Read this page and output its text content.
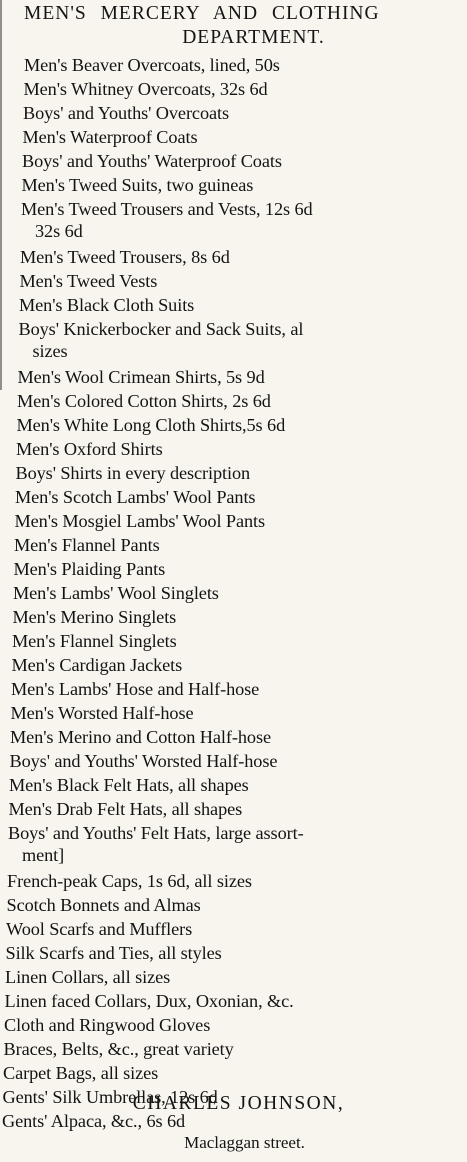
MEN'S MERCERY AND CLOTHING
DEPARTMENT.
Men's Beaver Overcoats, lined, 50s
Men's Whitney Overcoats, 32s 6d
Boys' and Youths' Overcoats
Men's Waterproof Coats
Boys' and Youths' Waterproof Coats
Men's Tweed Suits, two guineas
Men's Tweed Trousers and Vests, 12s 6d
32s 6d
Men's Tweed Trousers, 8s 6d
Men's Tweed Vests
Men's Black Cloth Suits
Boys' Knickerbocker and Sack Suits, al
sizes
Men's Wool Crimean Shirts, 5s 9d
Men's Colored Cotton Shirts, 2s 6d
Men's White Long Cloth Shirts,5s 6d
Men's Oxford Shirts
Boys' Shirts in every description
Men's Scotch Lambs' Wool Pants
Men's Mosgiel Lambs' Wool Pants
Men's Flannel Pants
Men's Plaiding Pants
Men's Lambs' Wool Singlets
Men's Merino Singlets
Men's Flannel Singlets
Men's Cardigan Jackets
Men's Lambs' Hose and Half-hose
Men's Worsted Half-hose
Men's Merino and Cotton Half-hose
Boys' and Youths' Worsted Half-hose
Men's Black Felt Hats, all shapes
Men's Drab Felt Hats, all shapes
Boys' and Youths' Felt Hats, large assort-
ment]
French-peak Caps, 1s 6d, all sizes
Scotch Bonnets and Almas
Wool Scarfs and Mufflers
Silk Scarfs and Ties, all styles
Linen Collars, all sizes
Linen faced Collars, Dux, Oxonian, &c.
Cloth and Ringwood Gloves
Braces, Belts, &c., great variety
Carpet Bags, all sizes
Gents' Silk Umbrellas, 12s 6d
Gents' Alpaca, &c., 6s 6d
CHARLES JOHNSON,
Maclaggan street.
